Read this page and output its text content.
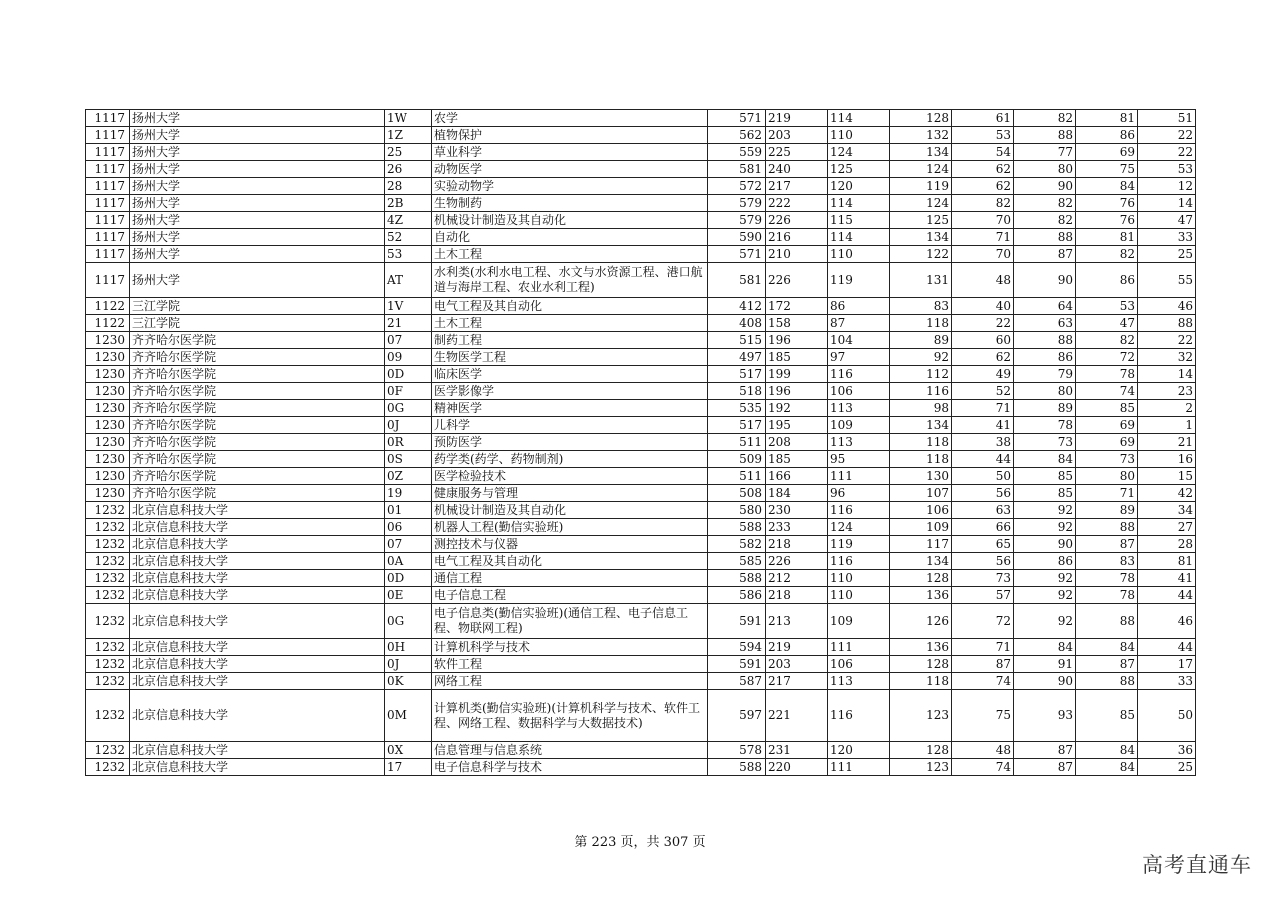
1117	扬州大学	1W	农学	571	219	114	128	61	82	81	51
1117	扬州大学	1Z	植物保护	562	203	110	132	53	88	86	22
1117	扬州大学	25	草业科学	559	225	124	134	54	77	69	22
1117	扬州大学	26	动物医学	581	240	125	124	62	80	75	53
1117	扬州大学	28	实验动物学	572	217	120	119	62	90	84	12
1117	扬州大学	2B	生物制药	579	222	114	124	82	82	76	14
1117	扬州大学	4Z	机械设计制造及其自动化	579	226	115	125	70	82	76	47
1117	扬州大学	52	自动化	590	216	114	134	71	88	81	33
1117	扬州大学	53	土木工程	571	210	110	122	70	87	82	25
1117	扬州大学	AT	水利类(水利水电工程、水文与水资源工程、港口航道与海岸工程、农业水利工程)	581	226	119	131	48	90	86	55
1122	三江学院	1V	电气工程及其自动化	412	172	86	83	40	64	53	46
1122	三江学院	21	土木工程	408	158	87	118	22	63	47	88
1230	齐齐哈尔医学院	07	制药工程	515	196	104	89	60	88	82	22
1230	齐齐哈尔医学院	09	生物医学工程	497	185	97	92	62	86	72	32
1230	齐齐哈尔医学院	0D	临床医学	517	199	116	112	49	79	78	14
1230	齐齐哈尔医学院	0F	医学影像学	518	196	106	116	52	80	74	23
1230	齐齐哈尔医学院	0G	精神医学	535	192	113	98	71	89	85	2
1230	齐齐哈尔医学院	0J	儿科学	517	195	109	134	41	78	69	1
1230	齐齐哈尔医学院	0R	预防医学	511	208	113	118	38	73	69	21
1230	齐齐哈尔医学院	0S	药学类(药学、药物制剂)	509	185	95	118	44	84	73	16
1230	齐齐哈尔医学院	0Z	医学检验技术	511	166	111	130	50	85	80	15
1230	齐齐哈尔医学院	19	健康服务与管理	508	184	96	107	56	85	71	42
1232	北京信息科技大学	01	机械设计制造及其自动化	580	230	116	106	63	92	89	34
1232	北京信息科技大学	06	机器人工程(勤信实验班)	588	233	124	109	66	92	88	27
1232	北京信息科技大学	07	测控技术与仪器	582	218	119	117	65	90	87	28
1232	北京信息科技大学	0A	电气工程及其自动化	585	226	116	134	56	86	83	81
1232	北京信息科技大学	0D	通信工程	588	212	110	128	73	92	78	41
1232	北京信息科技大学	0E	电子信息工程	586	218	110	136	57	92	78	44
1232	北京信息科技大学	0G	电子信息类(勤信实验班)(通信工程、电子信息工程、物联网工程)	591	213	109	126	72	92	88	46
1232	北京信息科技大学	0H	计算机科学与技术	594	219	111	136	71	84	84	44
1232	北京信息科技大学	0J	软件工程	591	203	106	128	87	91	87	17
1232	北京信息科技大学	0K	网络工程	587	217	113	118	74	90	88	33
1232	北京信息科技大学	0M	计算机类(勤信实验班)(计算机科学与技术、软件工程、网络工程、数据科学与大数据技术)	597	221	116	123	75	93	85	50
1232	北京信息科技大学	0X	信息管理与信息系统	578	231	120	128	48	87	84	36
1232	北京信息科技大学	17	电子信息科学与技术	588	220	111	123	74	87	84	25
第 223 页，共 307 页
高考直通车
